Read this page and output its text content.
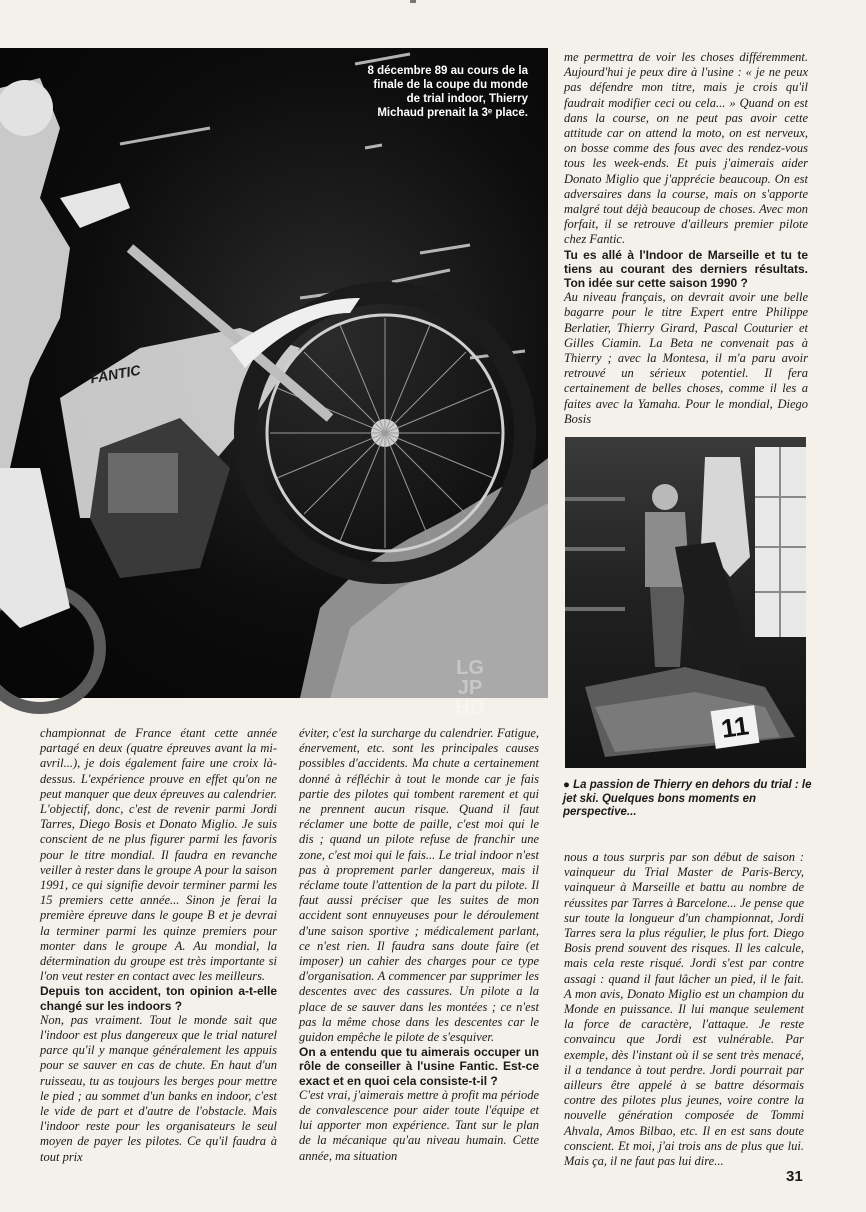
FANTIC
LG
JP
HD
8 décembre 89 au cours de la finale de la coupe du monde de trial indoor, Thierry Michaud prenait la 3ᵉ place.

me permettra de voir les choses différemment. Aujourd'hui je peux dire à l'usine : « je ne peux pas défendre mon titre, mais je crois qu'il faudrait modifier ceci ou cela... » Quand on est dans la course, on ne peut pas avoir cette attitude car on attend la moto, on est nerveux, on bosse comme des fous avec des rendez-vous tous les week-ends. Et puis j'aimerais aider Donato Miglio que j'apprécie beaucoup. On est adversaires dans la course, mais on s'apporte malgré tout déjà beaucoup de choses. Avec mon forfait, il se retrouve d'ailleurs premier pilote chez Fantic.

Tu es allé à l'Indoor de Marseille et tu te tiens au courant des derniers résultats. Ton idée sur cette saison 1990 ?

Au niveau français, on devrait avoir une belle bagarre pour le titre Expert entre Philippe Berlatier, Thierry Girard, Pascal Couturier et Gilles Ciamin. La Beta ne convenait pas à Thierry ; avec la Montesa, il m'a paru avoir retrouvé un sérieux potentiel. Il fera certainement de belles choses, comme il les a faites avec la Yamaha. Pour le mondial, Diego Bosis

11
● La passion de Thierry en dehors du trial : le jet ski. Quelques bons moments en perspective...

championnat de France étant cette année partagé en deux (quatre épreuves avant la mi-avril...), je dois également faire une croix là-dessus. L'expérience prouve en effet qu'on ne peut manquer que deux épreuves au calendrier. L'objectif, donc, c'est de revenir parmi Jordi Tarres, Diego Bosis et Donato Miglio. Je suis conscient de ne plus figurer parmi les favoris pour le titre mondial. Il faudra en revanche veiller à rester dans le groupe A pour la saison 1991, ce qui signifie devoir terminer parmi les 15 premiers cette année... Sinon je ferai la première épreuve dans le goupe B et je devrai la terminer parmi les quinze premiers pour monter dans le groupe A. Au mondial, la détermination du groupe est très importante si l'on veut rester en contact avec les meilleurs.

Depuis ton accident, ton opinion a-t-elle changé sur les indoors ?

Non, pas vraiment. Tout le monde sait que l'indoor est plus dangereux que le trial naturel parce qu'il y manque généralement les appuis pour se sauver en cas de chute. En haut d'un ruisseau, tu as toujours les berges pour mettre le pied ; au sommet d'un banks en indoor, c'est le vide de part et d'autre de l'obstacle. Mais l'indoor reste pour les organisateurs le seul moyen de payer les pilotes. Ce qu'il faudra à tout prix

éviter, c'est la surcharge du calendrier. Fatigue, énervement, etc. sont les principales causes possibles d'accidents. Ma chute a certainement donné à réfléchir à tout le monde car je fais partie des pilotes qui tombent rarement et qui ne prennent aucun risque. Quand il faut réclamer une botte de paille, c'est moi qui le dis ; quand un pilote refuse de franchir une zone, c'est moi qui le fais... Le trial indoor n'est pas à proprement parler dangereux, mais il réclame toute l'attention de la part du pilote. Il faut aussi préciser que les suites de mon accident sont ennuyeuses pour le déroulement d'une saison sportive ; médicalement parlant, ce n'est rien. Il faudra sans doute faire (et imposer) un cahier des charges pour ce type d'organisation. A commencer par supprimer les descentes avec des cassures. Un pilote a la place de se sauver dans les montées ; ce n'est pas la même chose dans les descentes car le guidon empêche le pilote de s'esquiver.

On a entendu que tu aimerais occuper un rôle de conseiller à l'usine Fantic. Est-ce exact et en quoi cela consiste-t-il ?

C'est vrai, j'aimerais mettre à profit ma période de convalescence pour aider toute l'équipe et lui apporter mon expérience. Tant sur le plan de la mécanique qu'au niveau humain. Cette année, ma situation

nous a tous surpris par son début de saison : vainqueur du Trial Master de Paris-Bercy, vainqueur à Marseille et battu au nombre de réussites par Tarres à Barcelone... Je pense que sur toute la longueur d'un championnat, Jordi Tarres sera la plus régulier, le plus fort. Diego Bosis prend souvent des risques. Il les calcule, mais cela reste risqué. Jordi s'est par contre assagi : quand il faut lâcher un pied, il le fait. A mon avis, Donato Miglio est un champion du Monde en puissance. Il lui manque seulement la force de caractère, l'attaque. Je reste convaincu que Jordi est vulnérable. Par exemple, dès l'instant où il se sent très menacé, il a tendance à tout perdre. Jordi pourrait par ailleurs être appelé à se battre désormais contre des pilotes plus jeunes, voire contre la nouvelle génération composée de Tommi Ahvala, Amos Bilbao, etc. Il en est sans doute conscient. Et moi, j'ai trois ans de plus que lui. Mais ça, il ne faut pas lui dire...

31
